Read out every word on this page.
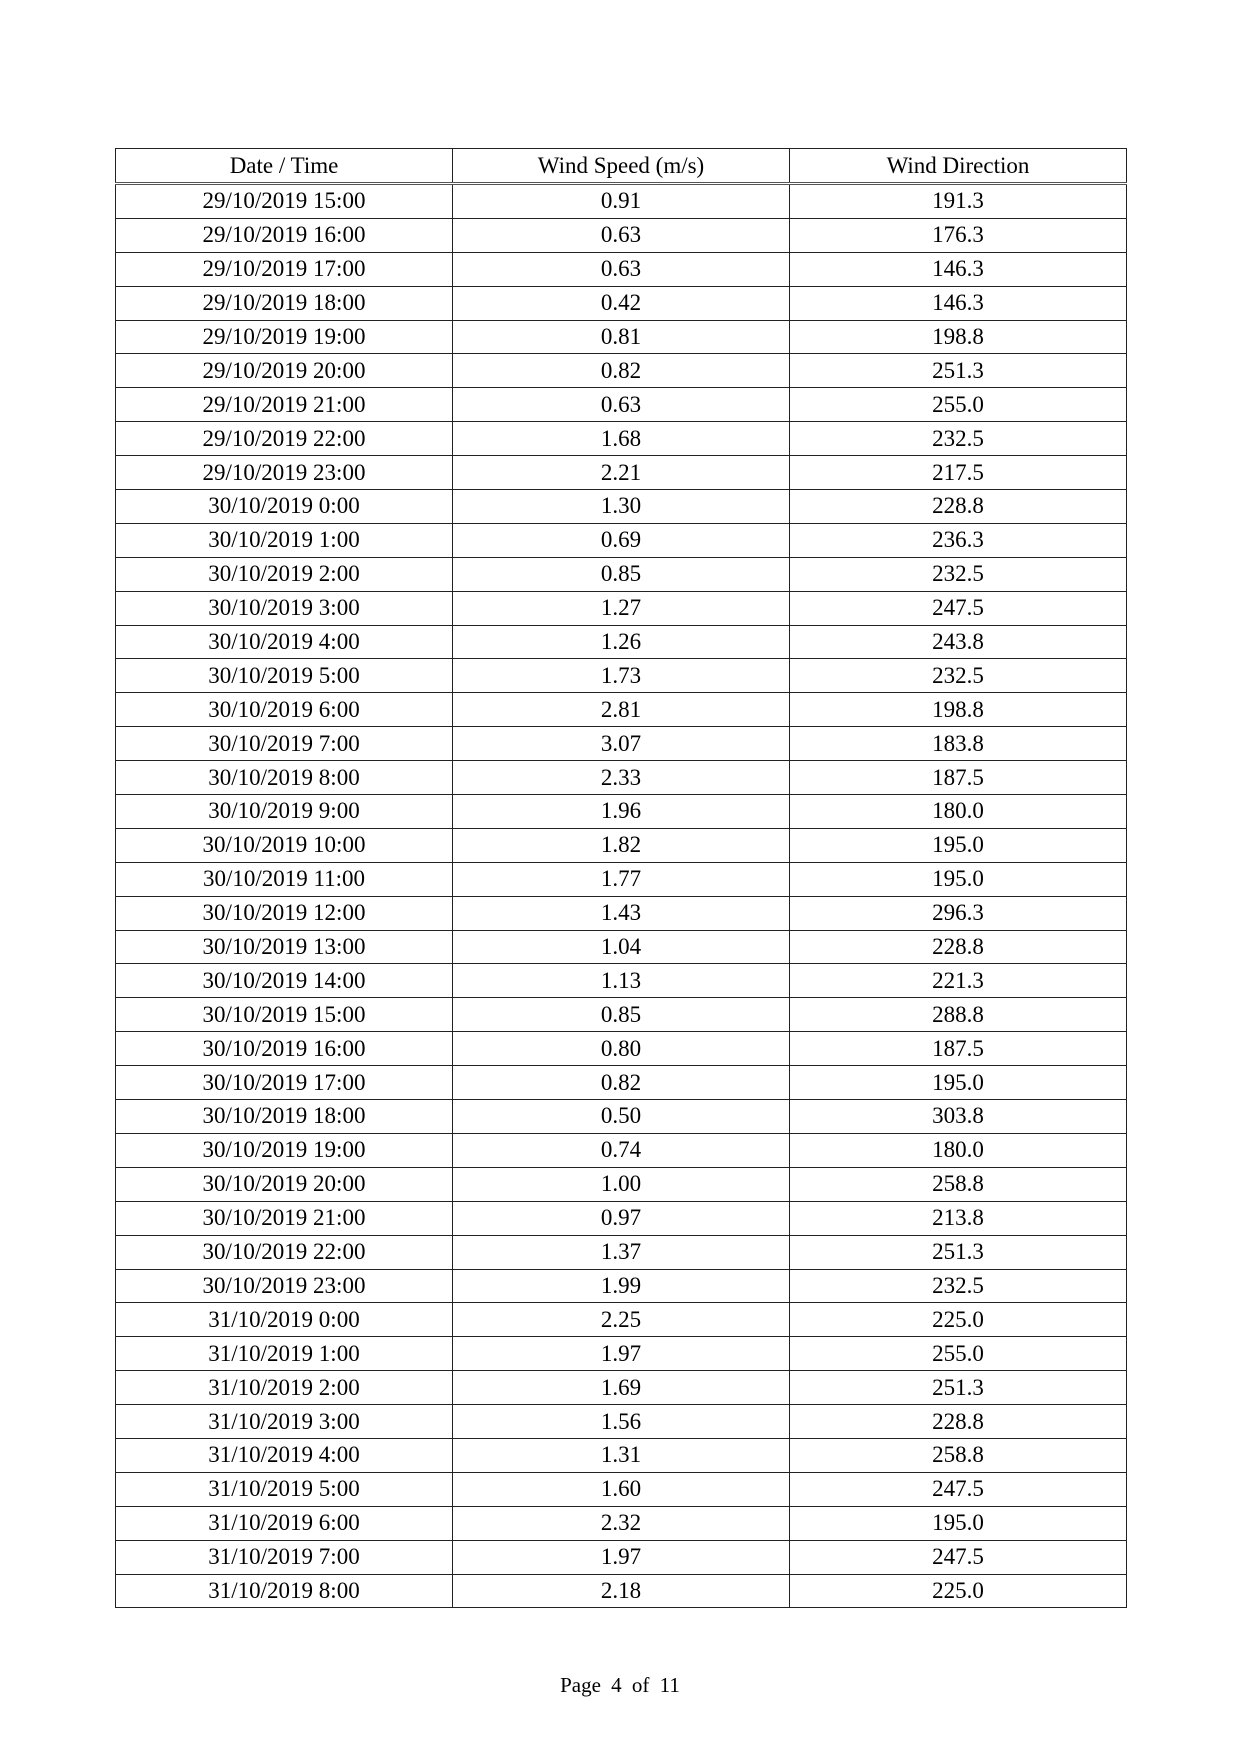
Date / Time	Wind Speed (m/s)	Wind Direction
29/10/2019 15:00	0.91	191.3
29/10/2019 16:00	0.63	176.3
29/10/2019 17:00	0.63	146.3
29/10/2019 18:00	0.42	146.3
29/10/2019 19:00	0.81	198.8
29/10/2019 20:00	0.82	251.3
29/10/2019 21:00	0.63	255.0
29/10/2019 22:00	1.68	232.5
29/10/2019 23:00	2.21	217.5
30/10/2019 0:00	1.30	228.8
30/10/2019 1:00	0.69	236.3
30/10/2019 2:00	0.85	232.5
30/10/2019 3:00	1.27	247.5
30/10/2019 4:00	1.26	243.8
30/10/2019 5:00	1.73	232.5
30/10/2019 6:00	2.81	198.8
30/10/2019 7:00	3.07	183.8
30/10/2019 8:00	2.33	187.5
30/10/2019 9:00	1.96	180.0
30/10/2019 10:00	1.82	195.0
30/10/2019 11:00	1.77	195.0
30/10/2019 12:00	1.43	296.3
30/10/2019 13:00	1.04	228.8
30/10/2019 14:00	1.13	221.3
30/10/2019 15:00	0.85	288.8
30/10/2019 16:00	0.80	187.5
30/10/2019 17:00	0.82	195.0
30/10/2019 18:00	0.50	303.8
30/10/2019 19:00	0.74	180.0
30/10/2019 20:00	1.00	258.8
30/10/2019 21:00	0.97	213.8
30/10/2019 22:00	1.37	251.3
30/10/2019 23:00	1.99	232.5
31/10/2019 0:00	2.25	225.0
31/10/2019 1:00	1.97	255.0
31/10/2019 2:00	1.69	251.3
31/10/2019 3:00	1.56	228.8
31/10/2019 4:00	1.31	258.8
31/10/2019 5:00	1.60	247.5
31/10/2019 6:00	2.32	195.0
31/10/2019 7:00	1.97	247.5
31/10/2019 8:00	2.18	225.0
Page 4 of 11
